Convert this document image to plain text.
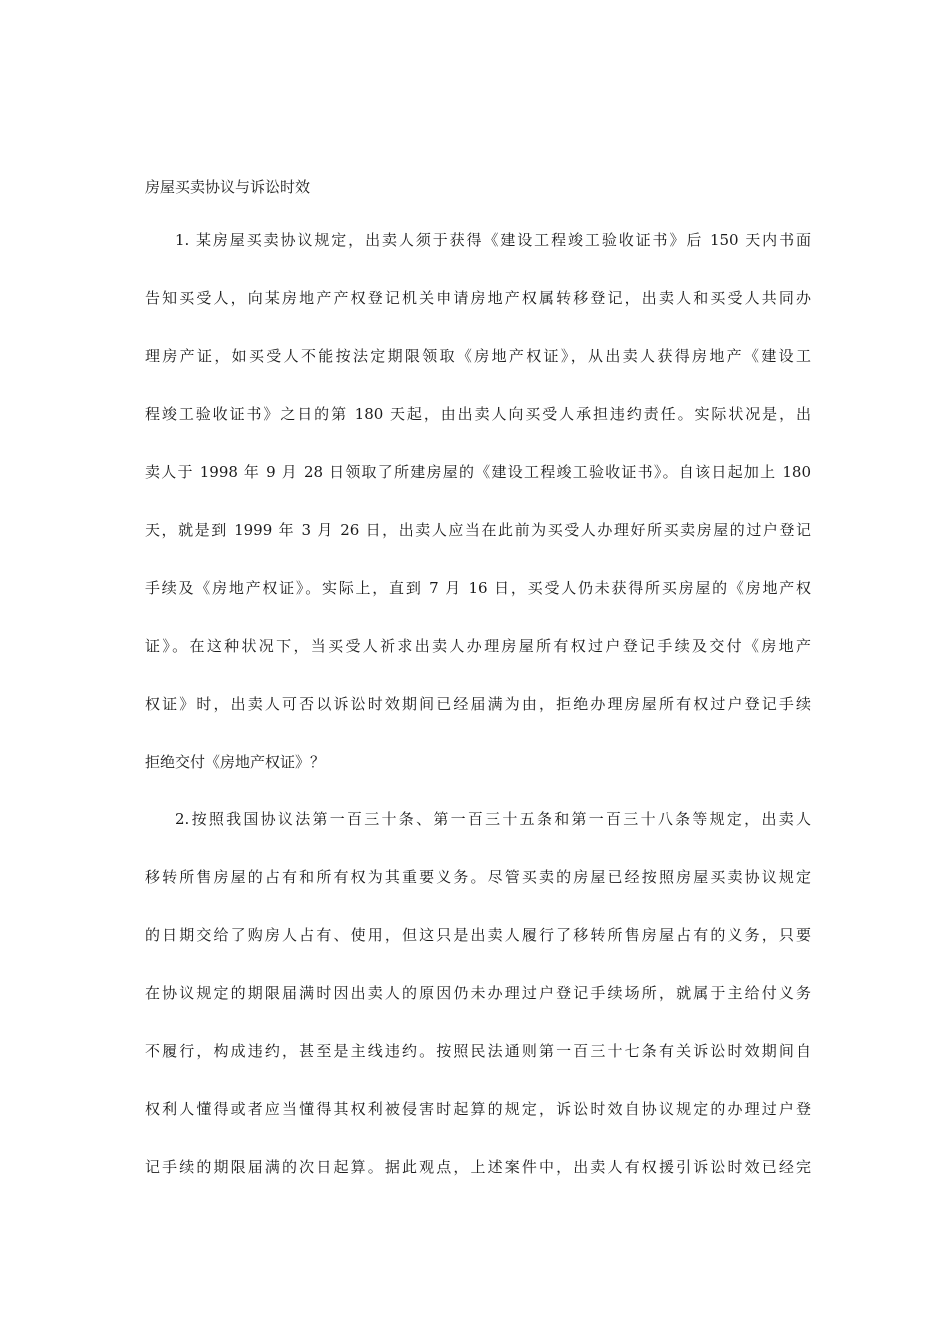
房屋买卖协议与诉讼时效
1. 某房屋买卖协议规定，出卖人须于获得《建设工程竣工验收证书》后 150 天内书面
告知买受人，向某房地产产权登记机关申请房地产权属转移登记，出卖人和买受人共同办
理房产证，如买受人不能按法定期限领取《房地产权证》，从出卖人获得房地产《建设工
程竣工验收证书》之日的第 180 天起，由出卖人向买受人承担违约责任。实际状况是，出
卖人于 1998 年 9 月 28 日领取了所建房屋的《建设工程竣工验收证书》。自该日起加上 180
天，就是到 1999 年 3 月 26 日，出卖人应当在此前为买受人办理好所买卖房屋的过户登记
手续及《房地产权证》。实际上，直到 7 月 16 日，买受人仍未获得所买房屋的《房地产权
证》。在这种状况下，当买受人祈求出卖人办理房屋所有权过户登记手续及交付《房地产
权证》时，出卖人可否以诉讼时效期间已经届满为由，拒绝办理房屋所有权过户登记手续
拒绝交付《房地产权证》？
2.按照我国协议法第一百三十条、第一百三十五条和第一百三十八条等规定，出卖人
移转所售房屋的占有和所有权为其重要义务。尽管买卖的房屋已经按照房屋买卖协议规定
的日期交给了购房人占有、使用，但这只是出卖人履行了移转所售房屋占有的义务，只要
在协议规定的期限届满时因出卖人的原因仍未办理过户登记手续场所，就属于主给付义务
不履行，构成违约，甚至是主线违约。按照民法通则第一百三十七条有关诉讼时效期间自
权利人懂得或者应当懂得其权利被侵害时起算的规定，诉讼时效自协议规定的办理过户登
记手续的期限届满的次日起算。据此观点，上述案件中，出卖人有权援引诉讼时效已经完
